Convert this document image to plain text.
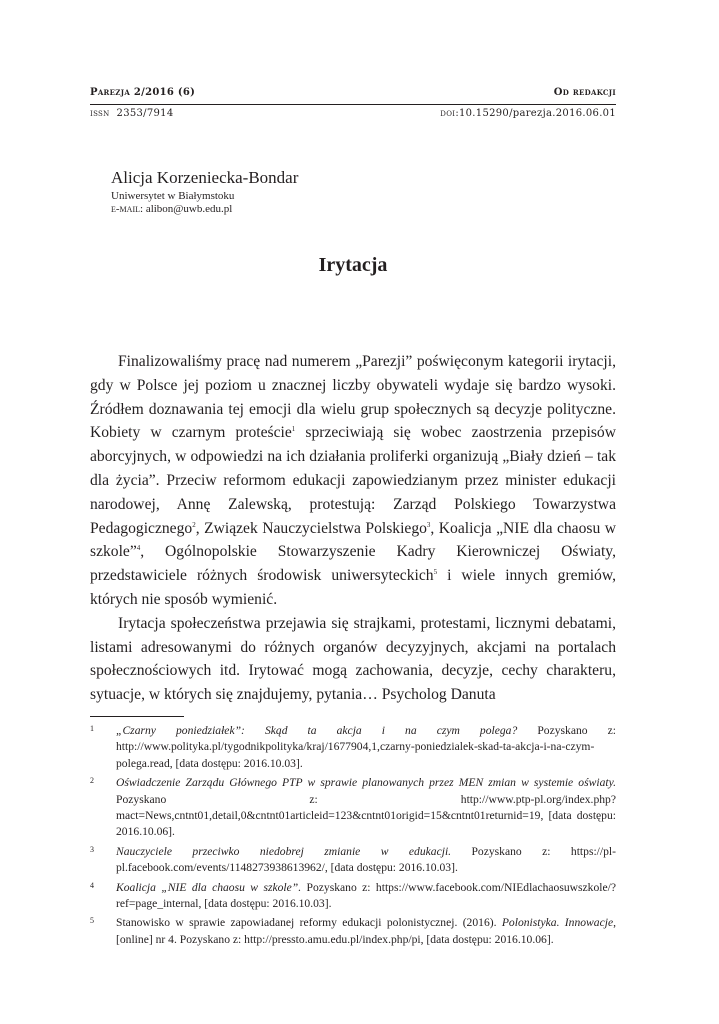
Parezja 2/2016 (6)	Od redakcji
issn 2353/7914	doi:10.15290/parezja.2016.06.01
Alicja Korzeniecka-Bondar
Uniwersytet w Białymstoku
e-mail: alibon@uwb.edu.pl
Irytacja

Finalizowaliśmy pracę nad numerem „Parezji” poświęconym kategorii irytacji, gdy w Polsce jej poziom u znacznej liczby obywateli wydaje się bardzo wysoki. Źródłem doznawania tej emocji dla wielu grup społecznych są decyzje polityczne. Kobiety w czarnym proteście$^1$ sprzeciwiają się wobec zaostrzenia przepisów aborcyjnych, w odpowiedzi na ich działania proliferki organizują „Biały dzień – tak dla życia”. Przeciw reformom edukacji zapowiedzianym przez minister edukacji narodowej, Annę Zalewską, protestują: Zarząd Polskiego Towarzystwa Pedagogicznego$^2$, Związek Nauczycielstwa Polskiego$^3$, Koalicja „NIE dla chaosu w szkole”$^4$, Ogólnopolskie Stowarzyszenie Kadry Kierowniczej Oświaty, przedstawiciele różnych środowisk uniwersyteckich$^5$ i wiele innych gremiów, których nie sposób wymienić.

Irytacja społeczeństwa przejawia się strajkami, protestami, licznymi debatami, listami adresowanymi do różnych organów decyzyjnych, akcjami na portalach społecznościowych itd. Irytować mogą zachowania, decyzje, cechy charakteru, sytuacje, w których się znajdujemy, pytania… Psycholog Danuta

1 „Czarny poniedziałek”: Skąd ta akcja i na czym polega? Pozyskano z: http://www.polityka.pl/tygodnikpolityka/kraj/1677904,1,czarny-poniedzialek-skad-ta-akcja-i-na-czym-polega.read, [data dostępu: 2016.10.03].
2 Oświadczenie Zarządu Głównego PTP w sprawie planowanych przez MEN zmian w systemie oświaty. Pozyskano z: http://www.ptp-pl.org/index.php?mact=News,cntnt01,detail,0&cntnt01articleid=123&cntnt01origid=15&cntnt01returnid=19, [data dostępu: 2016.10.06].
3 Nauczyciele przeciwko niedobrej zmianie w edukacji. Pozyskano z: https://pl-pl.facebook.com/events/1148273938613962/, [data dostępu: 2016.10.03].
4 Koalicja „NIE dla chaosu w szkole”. Pozyskano z: https://www.facebook.com/NIEdlachaosuwszkole/?ref=page_internal, [data dostępu: 2016.10.03].
5 Stanowisko w sprawie zapowiadanej reformy edukacji polonistycznej. (2016). Polonistyka. Innowacje, [online] nr 4. Pozyskano z: http://pressto.amu.edu.pl/index.php/pi, [data dostępu: 2016.10.06].
